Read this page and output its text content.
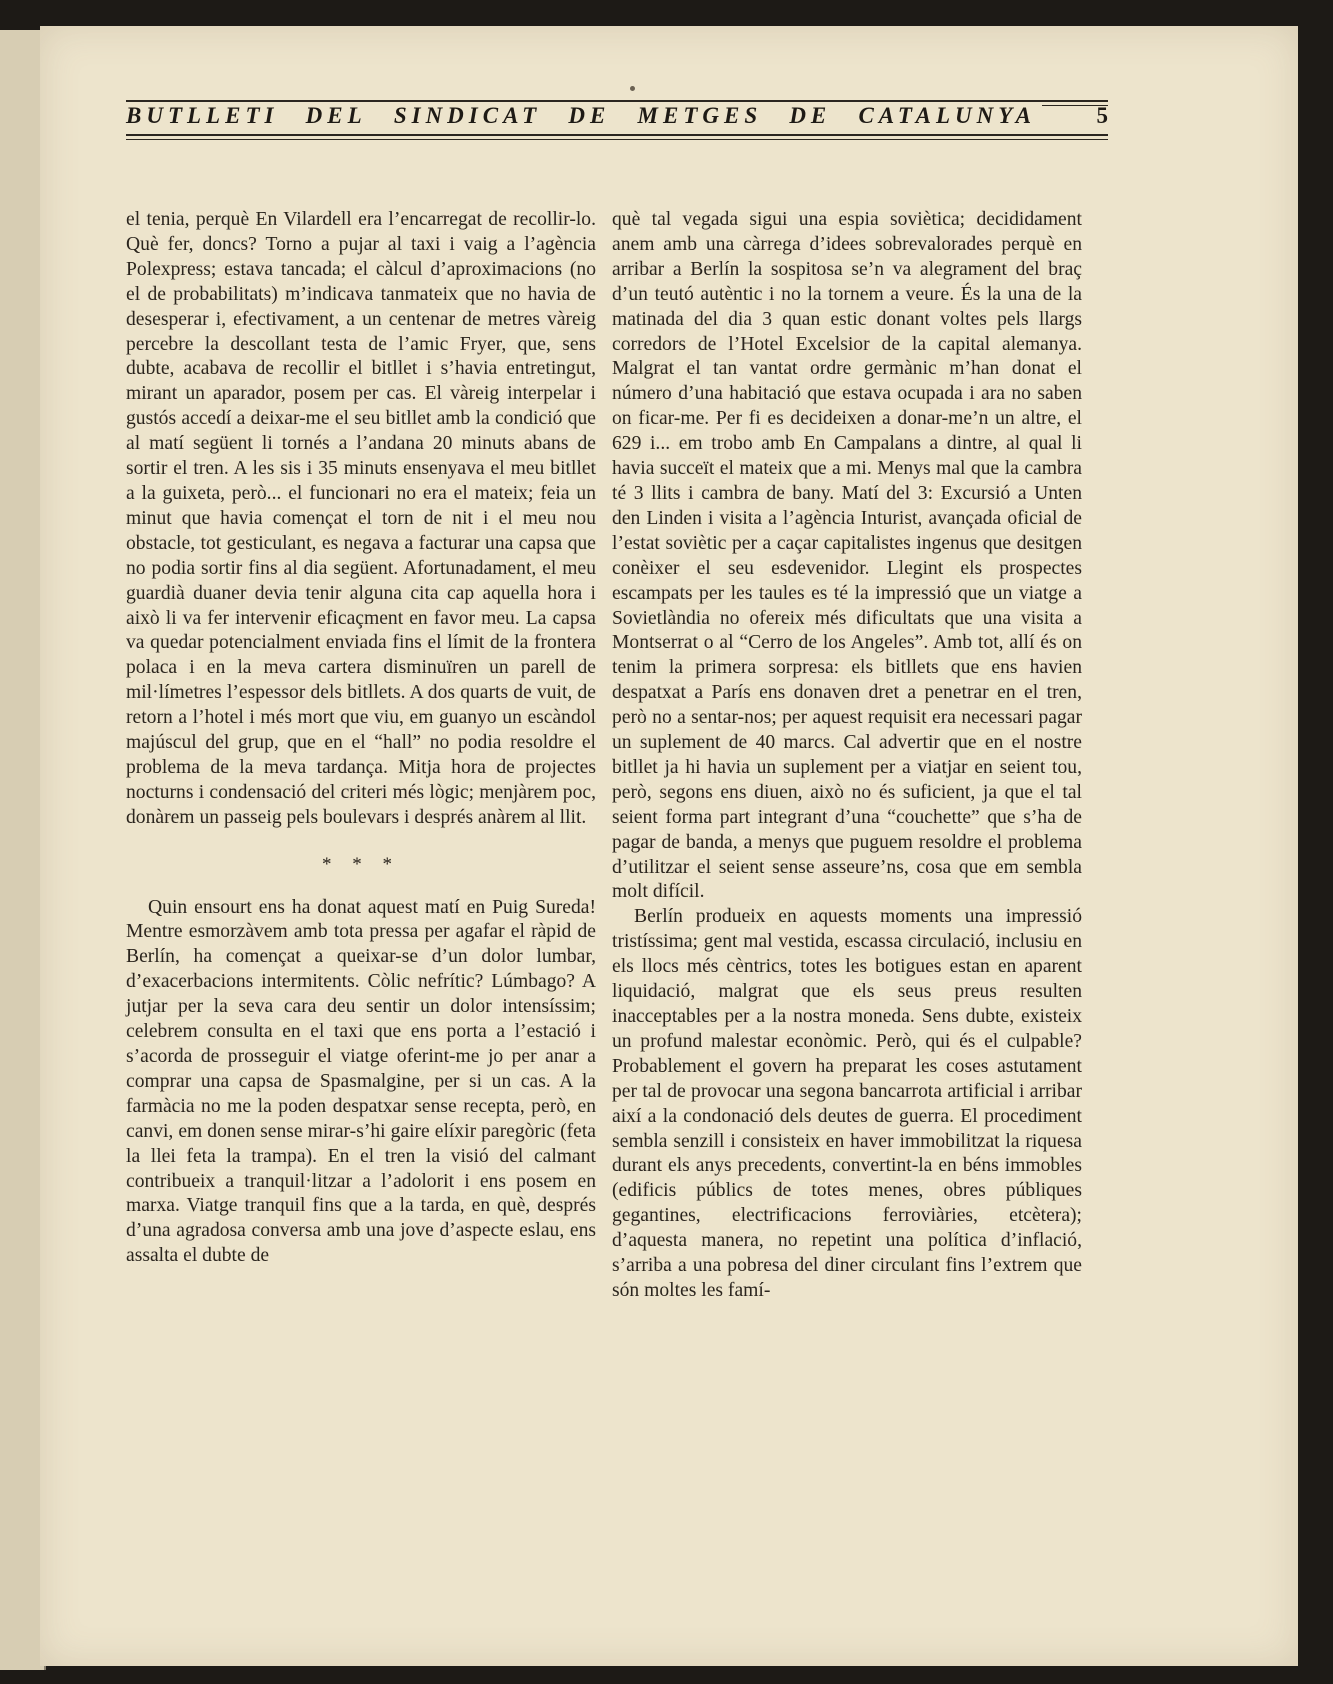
BUTLLETI DEL SINDICAT DE METGES DE CATALUNYA	5

el tenia, perquè En Vilardell era l’encarregat de recollir-lo. Què fer, doncs? Torno a pujar al taxi i vaig a l’agència Polexpress; estava tancada; el càlcul d’aproximacions (no el de probabilitats) m’indicava tanmateix que no havia de desesperar i, efectivament, a un centenar de metres vàreig percebre la descollant testa de l’amic Fryer, que, sens dubte, acabava de recollir el bitllet i s’havia entretingut, mirant un aparador, posem per cas. El vàreig interpelar i gustós accedí a deixar-me el seu bitllet amb la condició que al matí següent li tornés a l’andana 20 minuts abans de sortir el tren. A les sis i 35 minuts ensenyava el meu bitllet a la guixeta, però... el funcionari no era el mateix; feia un minut que havia començat el torn de nit i el meu nou obstacle, tot gesticulant, es negava a facturar una capsa que no podia sortir fins al dia següent. Afortunadament, el meu guardià duaner devia tenir alguna cita cap aquella hora i això li va fer intervenir eficaçment en favor meu. La capsa va quedar potencialment enviada fins el límit de la frontera polaca i en la meva cartera disminuïren un parell de mil·límetres l’espessor dels bitllets. A dos quarts de vuit, de retorn a l’hotel i més mort que viu, em guanyo un escàndol majúscul del grup, que en el “hall” no podia resoldre el problema de la meva tardança. Mitja hora de projectes nocturns i condensació del criteri més lògic; menjàrem poc, donàrem un passeig pels boulevars i després anàrem al llit.

* * *

Quin ensourt ens ha donat aquest matí en Puig Sureda! Mentre esmorzàvem amb tota pressa per agafar el ràpid de Berlín, ha començat a queixar-se d’un dolor lumbar, d’exacerbacions intermitents. Còlic nefrític? Lúmbago? A jutjar per la seva cara deu sentir un dolor intensíssim; celebrem consulta en el taxi que ens porta a l’estació i s’acorda de prosseguir el viatge oferint-me jo per anar a comprar una capsa de Spasmalgine, per si un cas. A la farmàcia no me la poden despatxar sense recepta, però, en canvi, em donen sense mirar-s’hi gaire elíxir paregòric (feta la llei feta la trampa). En el tren la visió del calmant contribueix a tranquil·litzar a l’adolorit i ens posem en marxa. Viatge tranquil fins que a la tarda, en què, després d’una agradosa conversa amb una jove d’aspecte eslau, ens assalta el dubte de

què tal vegada sigui una espia soviètica; decididament anem amb una càrrega d’idees sobrevalorades perquè en arribar a Berlín la sospitosa se’n va alegrament del braç d’un teutó autèntic i no la tornem a veure. És la una de la matinada del dia 3 quan estic donant voltes pels llargs corredors de l’Hotel Excelsior de la capital alemanya. Malgrat el tan vantat ordre germànic m’han donat el número d’una habitació que estava ocupada i ara no saben on ficar-me. Per fi es decideixen a donar-me’n un altre, el 629 i... em trobo amb En Campalans a dintre, al qual li havia succeït el mateix que a mi. Menys mal que la cambra té 3 llits i cambra de bany. Matí del 3: Excursió a Unten den Linden i visita a l’agència Inturist, avançada oficial de l’estat soviètic per a caçar capitalistes ingenus que desitgen conèixer el seu esdevenidor. Llegint els prospectes escampats per les taules es té la impressió que un viatge a Sovietlàndia no ofereix més dificultats que una visita a Montserrat o al “Cerro de los Angeles”. Amb tot, allí és on tenim la primera sorpresa: els bitllets que ens havien despatxat a París ens donaven dret a penetrar en el tren, però no a sentar-nos; per aquest requisit era necessari pagar un suplement de 40 marcs. Cal advertir que en el nostre bitllet ja hi havia un suplement per a viatjar en seient tou, però, segons ens diuen, això no és suficient, ja que el tal seient forma part integrant d’una “couchette” que s’ha de pagar de banda, a menys que puguem resoldre el problema d’utilitzar el seient sense asseure’ns, cosa que em sembla molt difícil.

Berlín produeix en aquests moments una impressió tristíssima; gent mal vestida, escassa circulació, inclusiu en els llocs més cèntrics, totes les botigues estan en aparent liquidació, malgrat que els seus preus resulten inacceptables per a la nostra moneda. Sens dubte, existeix un profund malestar econòmic. Però, qui és el culpable? Probablement el govern ha preparat les coses astutament per tal de provocar una segona bancarrota artificial i arribar així a la condonació dels deutes de guerra. El procediment sembla senzill i consisteix en haver immobilitzat la riquesa durant els anys precedents, convertint-la en béns immobles (edificis públics de totes menes, obres públiques gegantines, electrificacions ferroviàries, etcètera); d’aquesta manera, no repetint una política d’inflació, s’arriba a una pobresa del diner circulant fins l’extrem que són moltes les famí-
